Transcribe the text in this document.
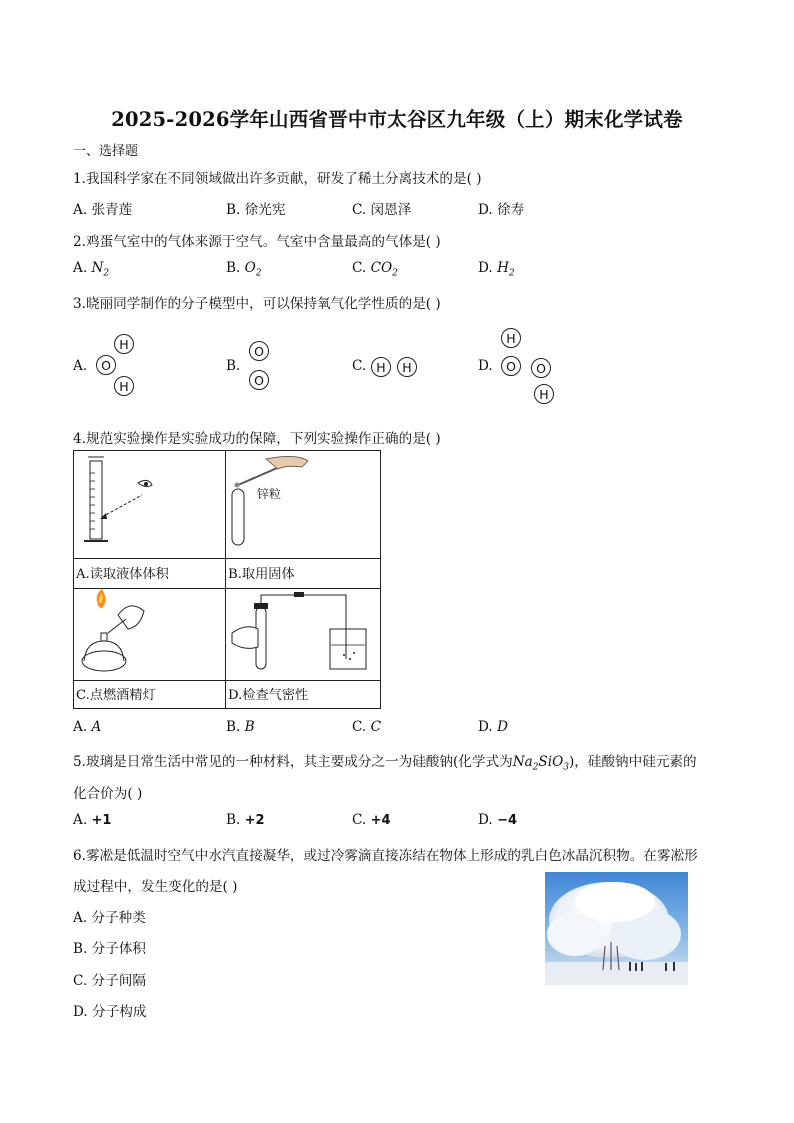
2025-2026学年山西省晋中市太谷区九年级（上）期末化学试卷
一、选择题
1.我国科学家在不同领域做出许多贡献，研发了稀土分离技术的是( )
A. 张青莲	B. 徐光宪	C. 闵恩泽	D. 徐寿
2.鸡蛋气室中的气体来源于空气。气室中含量最高的气体是( )
A. $N_2$	B. $O_2$	C. $CO_2$	D. $H_2$
3.晓丽同学制作的分子模型中，可以保持氧气化学性质的是( )
A.
H
O
H
B.
O
O
C. H	H	D.
H
O	O
H
4.规范实验操作是实验成功的保障，下列实验操作正确的是( )
锌粒
A.读取液体体积	B.取用固体
C.点燃酒精灯	D.检查气密性
A. A	B. B	C. C	D. D
5.玻璃是日常生活中常见的一种材料，其主要成分之一为硅酸钠(化学式为$Na_2SiO_3$)，硅酸钠中硅元素的
化合价为( )
A. +1	B. +2	C. +4	D. −4
6.雾凇是低温时空气中水汽直接凝华，或过冷雾滴直接冻结在物体上形成的乳白色冰晶沉积物。在雾凇形
成过程中，发生变化的是( )
A. 分子种类
B. 分子体积
C. 分子间隔
D. 分子构成
